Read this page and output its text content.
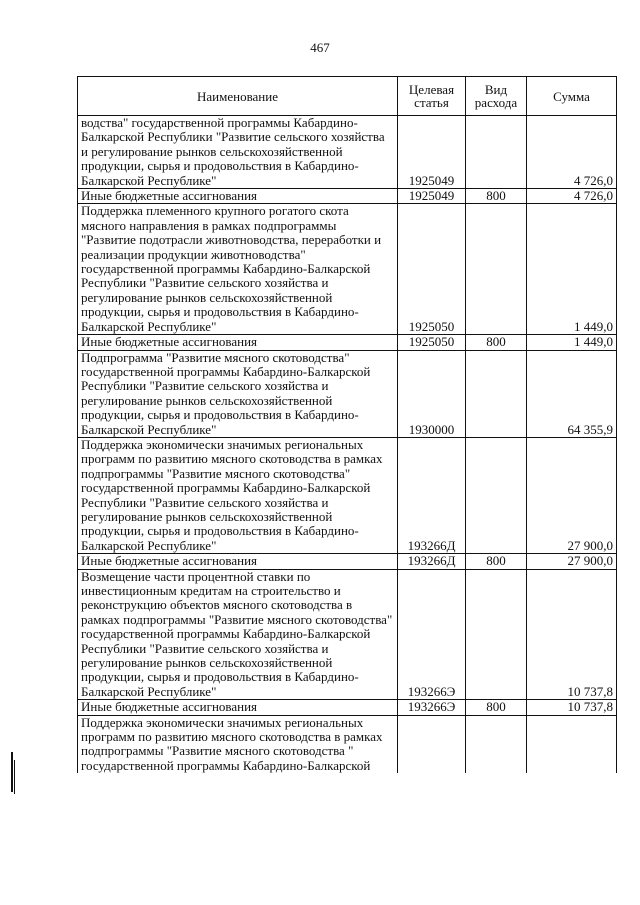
467
Наименование	Целевая статья	Вид расхода	Сумма
водства" государственной программы Кабардино-Балкарской Республики "Развитие сельского хозяйства и регулирование рынков сельскохозяйственной продукции, сырья и продовольствия в Кабардино-Балкарской Республике"	1925049		4 726,0
Иные бюджетные ассигнования	1925049	800	4 726,0
Поддержка племенного крупного рогатого скота мясного направления в рамках подпрограммы "Развитие подотрасли животноводства, переработки и реализации продукции животноводства" государственной программы Кабардино-Балкарской Республики "Развитие сельского хозяйства и регулирование рынков сельскохозяйственной продукции, сырья и продовольствия в Кабардино-Балкарской Республике"	1925050		1 449,0
Иные бюджетные ассигнования	1925050	800	1 449,0
Подпрограмма "Развитие мясного скотоводства" государственной программы Кабардино-Балкарской Республики "Развитие сельского хозяйства и регулирование рынков сельскохозяйственной продукции, сырья и продовольствия в Кабардино-Балкарской Республике"	1930000		64 355,9
Поддержка экономически значимых региональных программ по развитию мясного скотоводства в рамках подпрограммы "Развитие мясного скотоводства" государственной программы Кабардино-Балкарской Республики "Развитие сельского хозяйства и регулирование рынков сельскохозяйственной продукции, сырья и продовольствия в Кабардино-Балкарской Республике"	193266Д		27 900,0
Иные бюджетные ассигнования	193266Д	800	27 900,0
Возмещение части процентной ставки по инвестиционным кредитам на строительство и реконструкцию объектов мясного скотоводства в рамках подпрограммы "Развитие мясного скотоводства" государственной программы Кабардино-Балкарской Республики "Развитие сельского хозяйства и регулирование рынков сельскохозяйственной продукции, сырья и продовольствия в Кабардино-Балкарской Республике"	193266Э		10 737,8
Иные бюджетные ассигнования	193266Э	800	10 737,8
Поддержка экономически значимых региональных программ по развитию мясного скотоводства в рамках подпрограммы "Развитие мясного скотоводства " государственной программы Кабардино-Балкарской			
